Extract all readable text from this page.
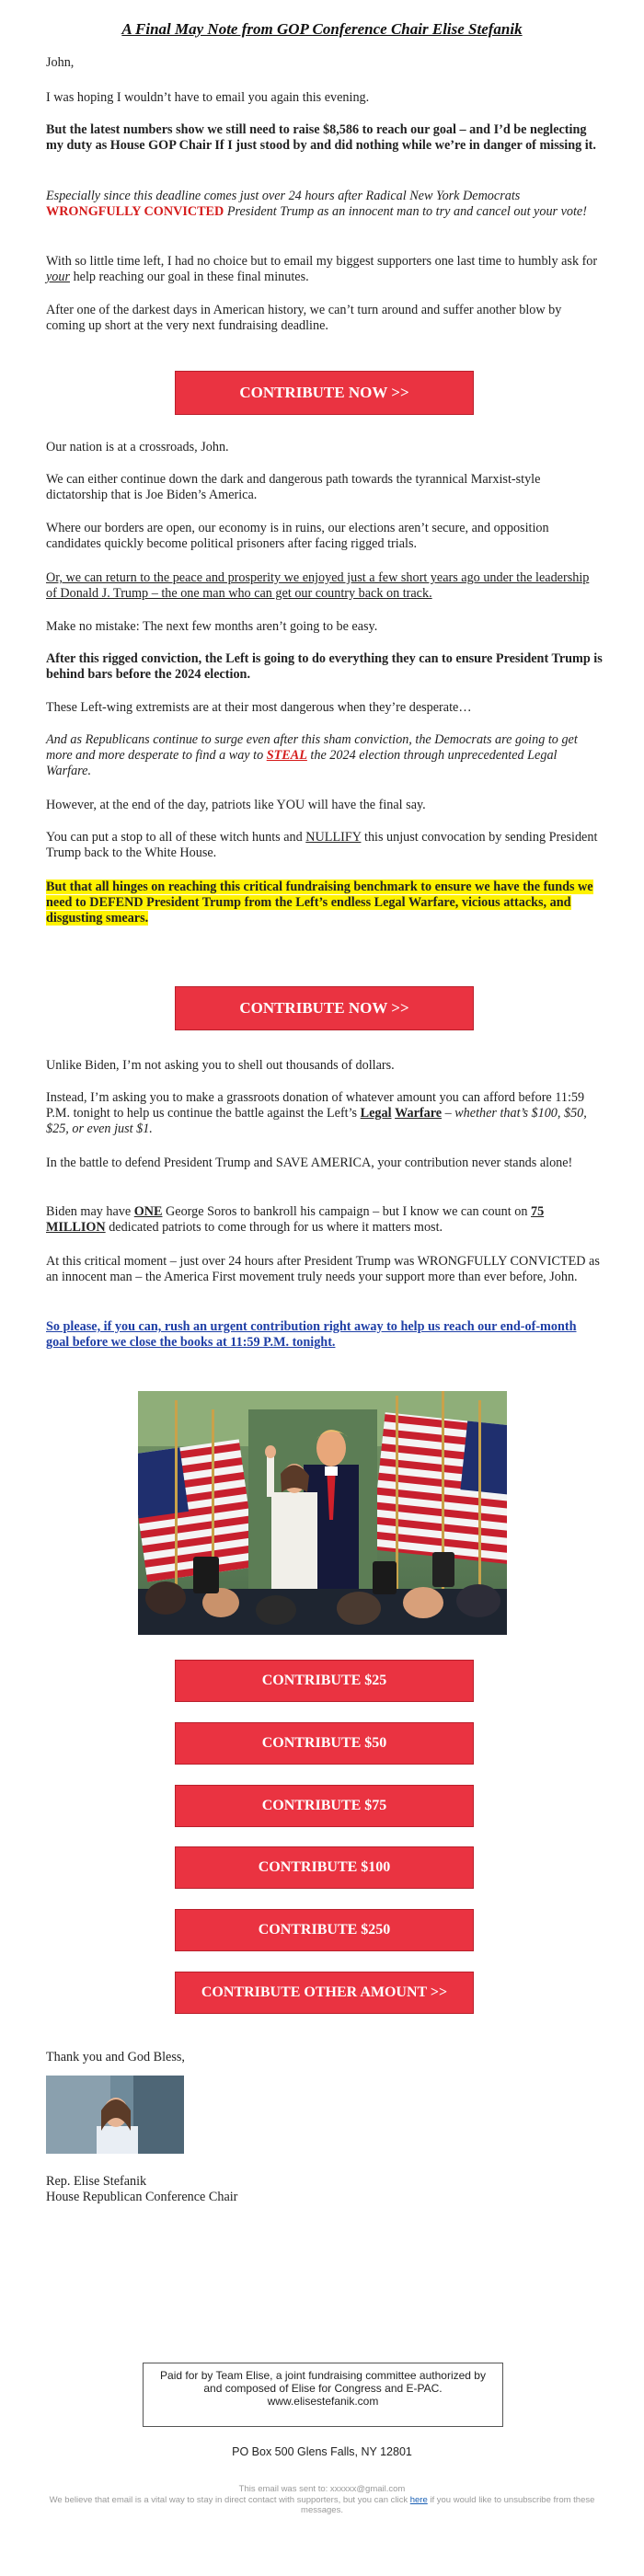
A Final May Note from GOP Conference Chair Elise Stefanik
John,
I was hoping I wouldn’t have to email you again this evening.
But the latest numbers show we still need to raise $8,586 to reach our goal – and I’d be neglecting my duty as House GOP Chair If I just stood by and did nothing while we’re in danger of missing it.
Especially since this deadline comes just over 24 hours after Radical New York Democrats WRONGFULLY CONVICTED President Trump as an innocent man to try and cancel out your vote!
With so little time left, I had no choice but to email my biggest supporters one last time to humbly ask for your help reaching our goal in these final minutes.
After one of the darkest days in American history, we can’t turn around and suffer another blow by coming up short at the very next fundraising deadline.
CONTRIBUTE NOW >>
Our nation is at a crossroads, John.
We can either continue down the dark and dangerous path towards the tyrannical Marxist-style dictatorship that is Joe Biden’s America.
Where our borders are open, our economy is in ruins, our elections aren’t secure, and opposition candidates quickly become political prisoners after facing rigged trials.
Or, we can return to the peace and prosperity we enjoyed just a few short years ago under the leadership of Donald J. Trump – the one man who can get our country back on track.
Make no mistake: The next few months aren’t going to be easy.
After this rigged conviction, the Left is going to do everything they can to ensure President Trump is behind bars before the 2024 election.
These Left-wing extremists are at their most dangerous when they’re desperate…
And as Republicans continue to surge even after this sham conviction, the Democrats are going to get more and more desperate to find a way to STEAL the 2024 election through unprecedented Legal Warfare.
However, at the end of the day, patriots like YOU will have the final say.
You can put a stop to all of these witch hunts and NULLIFY this unjust convocation by sending President Trump back to the White House.
But that all hinges on reaching this critical fundraising benchmark to ensure we have the funds we need to DEFEND President Trump from the Left’s endless Legal Warfare, vicious attacks, and disgusting smears.
CONTRIBUTE NOW >>
Unlike Biden, I’m not asking you to shell out thousands of dollars.
Instead, I’m asking you to make a grassroots donation of whatever amount you can afford before 11:59 P.M. tonight to help us continue the battle against the Left’s Legal Warfare – whether that’s $100, $50, $25, or even just $1.
In the battle to defend President Trump and SAVE AMERICA, your contribution never stands alone!
Biden may have ONE George Soros to bankroll his campaign – but I know we can count on 75 MILLION dedicated patriots to come through for us where it matters most.
At this critical moment – just over 24 hours after President Trump was WRONGFULLY CONVICTED as an innocent man – the America First movement truly needs your support more than ever before, John.
So please, if you can, rush an urgent contribution right away to help us reach our end-of-month goal before we close the books at 11:59 P.M. tonight.
CONTRIBUTE $25
CONTRIBUTE $50
CONTRIBUTE $75
CONTRIBUTE $100
CONTRIBUTE $250
CONTRIBUTE OTHER AMOUNT >>
Thank you and God Bless,
Rep. Elise Stefanik
House Republican Conference Chair
Paid for by Team Elise, a joint fundraising committee authorized by and composed of Elise for Congress and E-PAC. www.elisestefanik.com
PO Box 500 Glens Falls, NY 12801
This email was sent to: xxxxxx@gmail.com
We believe that email is a vital way to stay in direct contact with supporters, but you can click here if you would like to unsubscribe from these messages.
